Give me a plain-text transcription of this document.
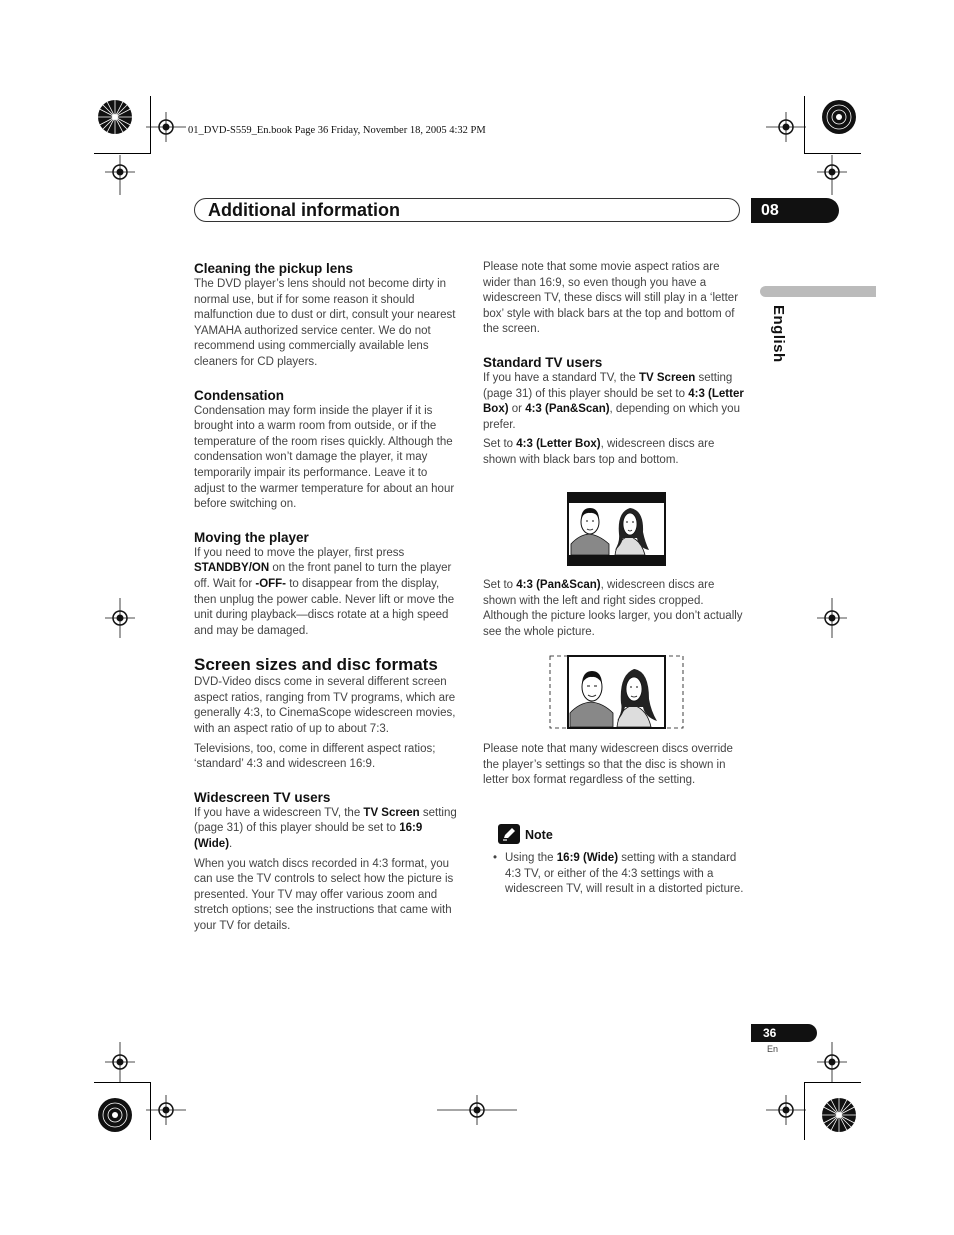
01_DVD-S559_En.book Page 36 Friday, November 18, 2005 4:32 PM
Additional information	08
English
Cleaning the pickup lens

The DVD player’s lens should not become dirty in normal use, but if for some reason it should malfunction due to dust or dirt, consult your nearest YAMAHA authorized service center. We do not recommend using commercially available lens cleaners for CD players.

Condensation

Condensation may form inside the player if it is brought into a warm room from outside, or if the temperature of the room rises quickly. Although the condensation won’t damage the player, it may temporarily impair its performance. Leave it to adjust to the warmer temperature for about an hour before switching on.

Moving the player

If you need to move the player, first press STANDBY/ON on the front panel to turn the player off. Wait for -OFF- to disappear from the display, then unplug the power cable. Never lift or move the unit during playback—discs rotate at a high speed and may be damaged.

Screen sizes and disc formats

DVD-Video discs come in several different screen aspect ratios, ranging from TV programs, which are generally 4:3, to CinemaScope widescreen movies, with an aspect ratio of up to about 7:3.

Televisions, too, come in different aspect ratios; ‘standard’ 4:3 and widescreen 16:9.

Widescreen TV users

If you have a widescreen TV, the TV Screen setting (page 31) of this player should be set to 16:9 (Wide).

When you watch discs recorded in 4:3 format, you can use the TV controls to select how the picture is presented. Your TV may offer various zoom and stretch options; see the instructions that came with your TV for details.

Please note that some movie aspect ratios are wider than 16:9, so even though you have a widescreen TV, these discs will still play in a ‘letter box’ style with black bars at the top and bottom of the screen.

Standard TV users

If you have a standard TV, the TV Screen setting (page 31) of this player should be set to 4:3 (Letter Box) or 4:3 (Pan&Scan), depending on which you prefer.

Set to 4:3 (Letter Box), widescreen discs are shown with black bars top and bottom.

Set to 4:3 (Pan&Scan), widescreen discs are shown with the left and right sides cropped. Although the picture looks larger, you don’t actually see the whole picture.

Please note that many widescreen discs override the player’s settings so that the disc is shown in letter box format regardless of the setting.

Note
• Using the 16:9 (Wide) setting with a standard 4:3 TV, or either of the 4:3 settings with a widescreen TV, will result in a distorted picture.

36
En
